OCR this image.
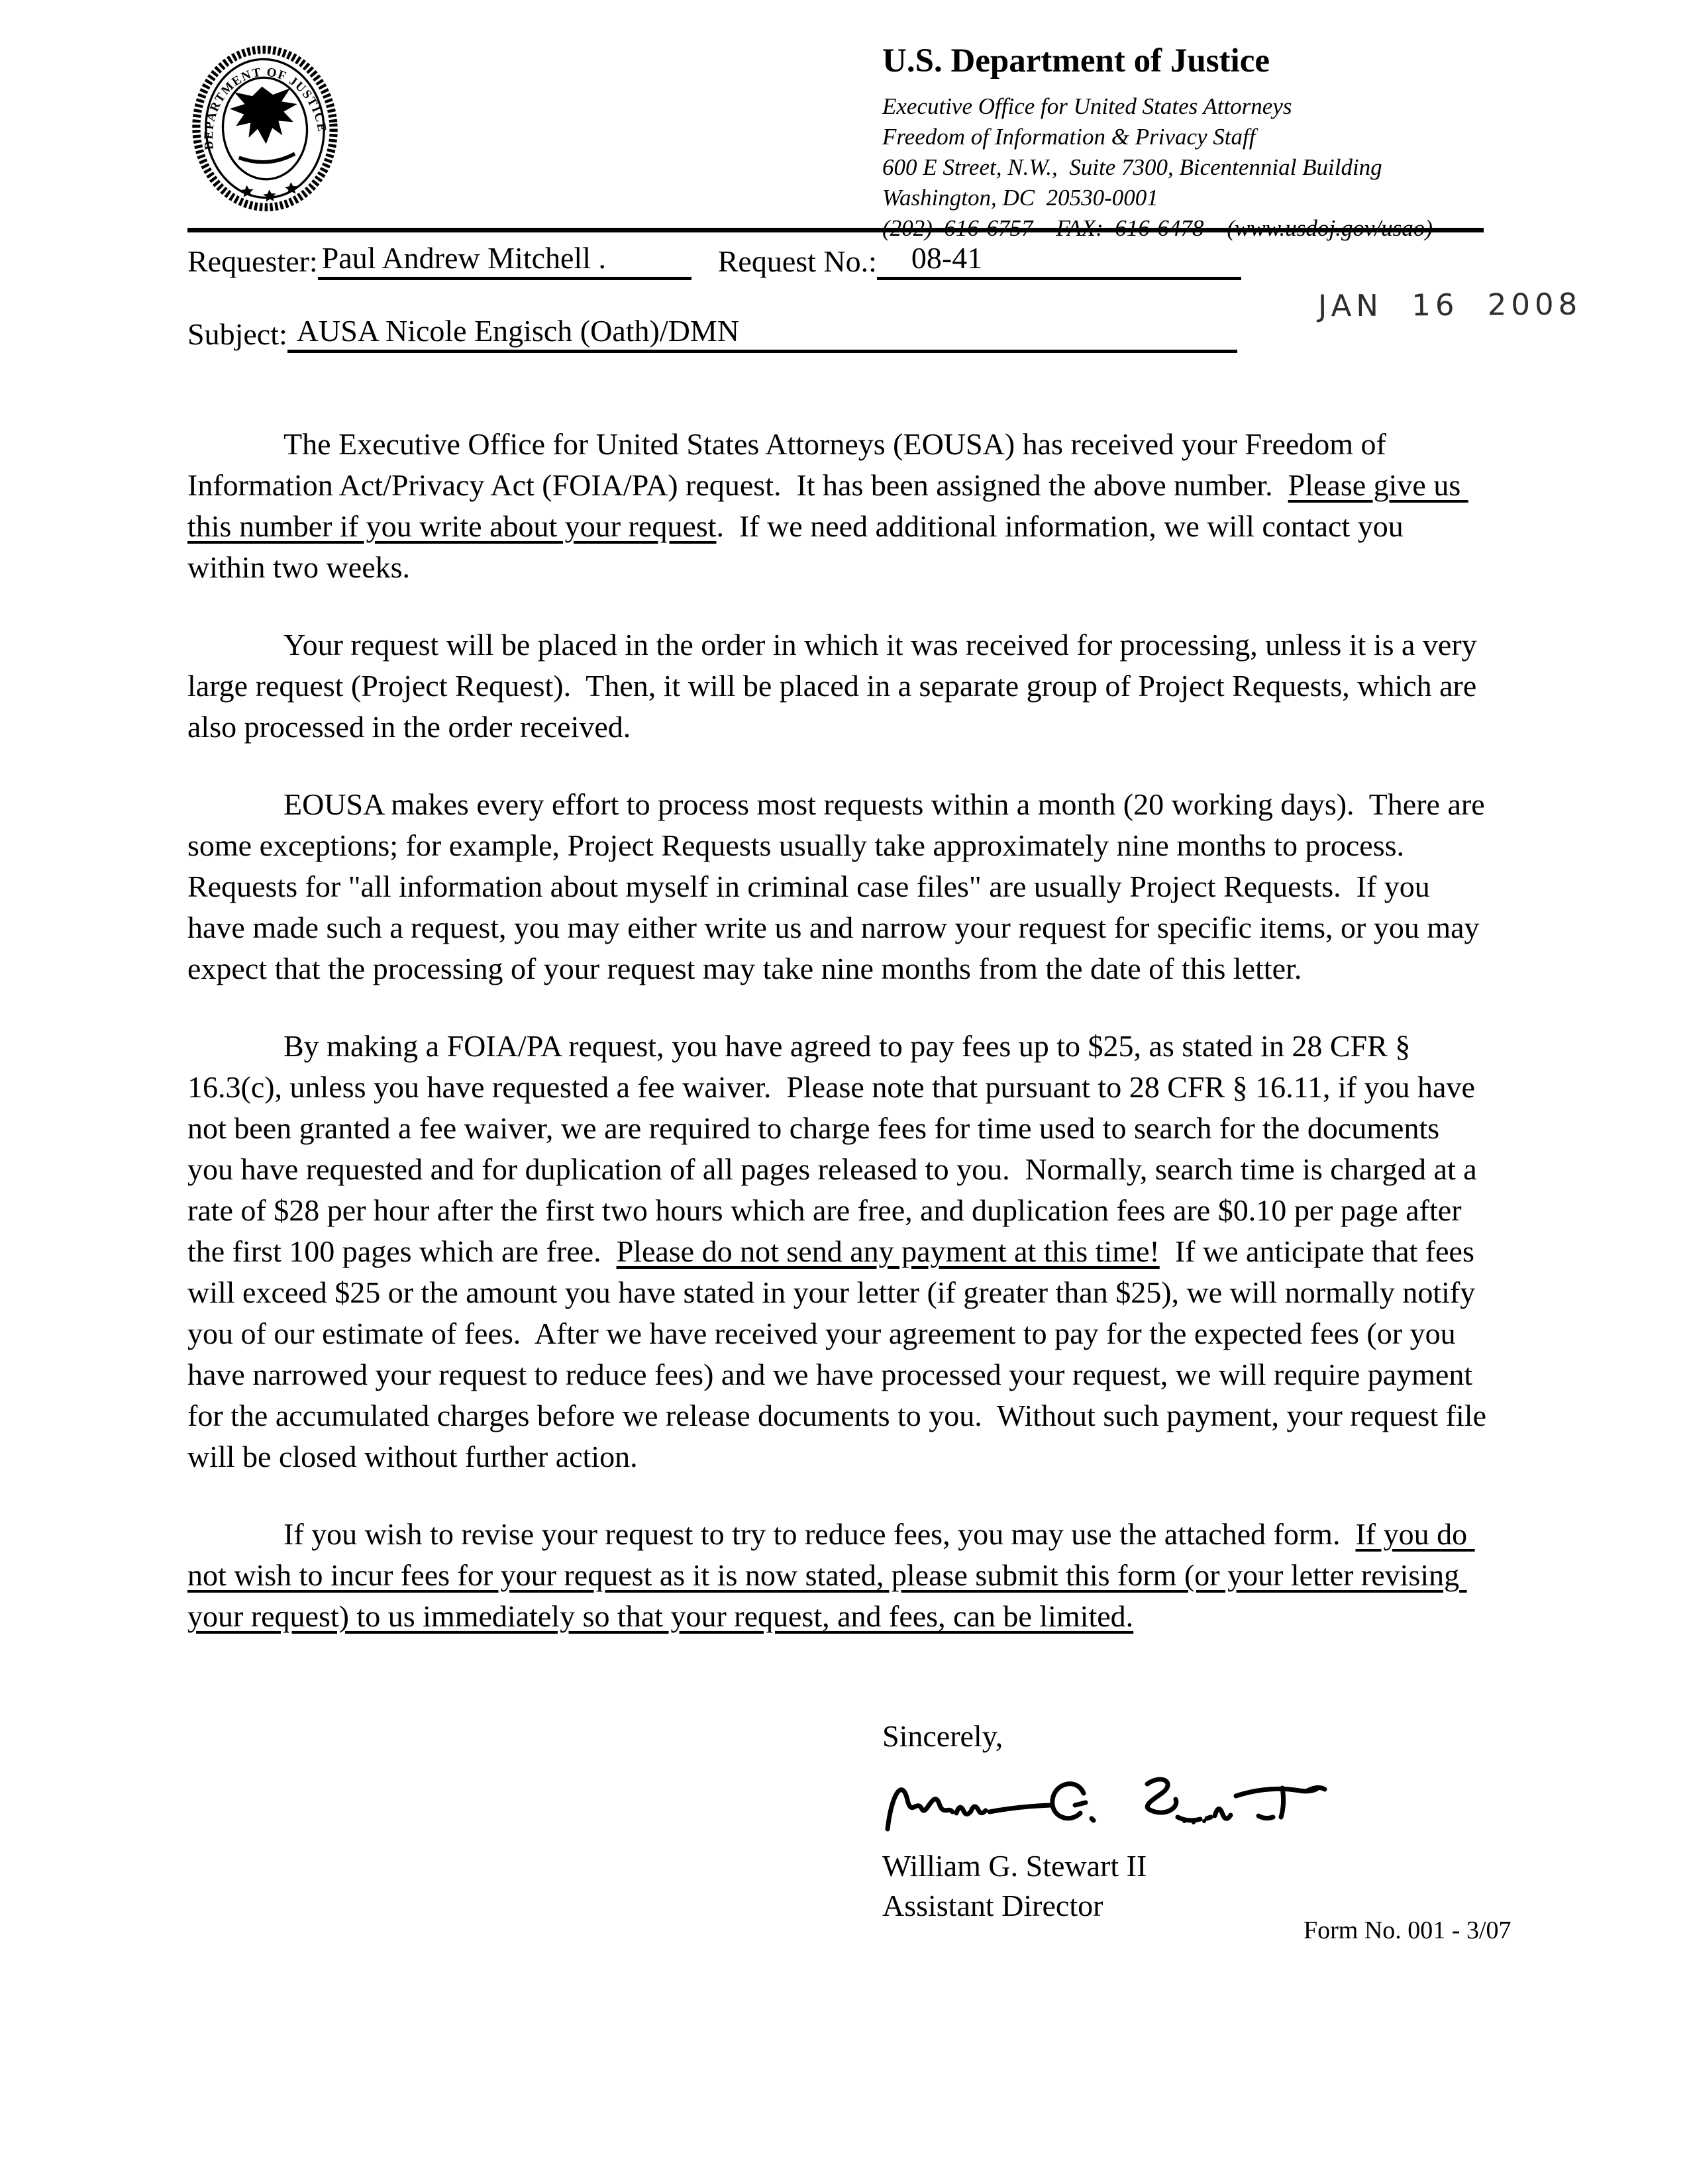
DEPARTMENT OF JUSTICE
U.S. Department of Justice
Executive Office for United States Attorneys
Freedom of Information & Privacy Staff
600 E Street, N.W.,  Suite 7300, Bicentennial Building
Washington, DC  20530-0001
Requester: Paul Andrew Mitchell .	Request No.: 08-41
Subject: AUSA Nicole Engisch (Oath)/DMN
JAN 16 2008

The Executive Office for United States Attorneys (EOUSA) has received your Freedom of Information Act/Privacy Act (FOIA/PA) request.  It has been assigned the above number.  Please give us this number if you write about your request.  If we need additional information, we will contact you within two weeks.

Your request will be placed in the order in which it was received for processing, unless it is a very large request (Project Request).  Then, it will be placed in a separate group of Project Requests, which are also processed in the order received.

EOUSA makes every effort to process most requests within a month (20 working days).  There are some exceptions; for example, Project Requests usually take approximately nine months to process.  Requests for "all information about myself in criminal case files" are usually Project Requests.  If you have made such a request, you may either write us and narrow your request for specific items, or you may expect that the processing of your request may take nine months from the date of this letter.

By making a FOIA/PA request, you have agreed to pay fees up to $25, as stated in 28 CFR § 16.3(c), unless you have requested a fee waiver.  Please note that pursuant to 28 CFR § 16.11, if you have not been granted a fee waiver, we are required to charge fees for time used to search for the documents you have requested and for duplication of all pages released to you.  Normally, search time is charged at a rate of $28 per hour after the first two hours which are free, and duplication fees are $0.10 per page after the first 100 pages which are free.  Please do not send any payment at this time!  If we anticipate that fees will exceed $25 or the amount you have stated in your letter (if greater than $25), we will normally notify you of our estimate of fees.  After we have received your agreement to pay for the expected fees (or you have narrowed your request to reduce fees) and we have processed your request, we will require payment for the accumulated charges before we release documents to you.  Without such payment, your request file will be closed without further action.

If you wish to revise your request to try to reduce fees, you may use the attached form.  If you do not wish to incur fees for your request as it is now stated, please submit this form (or your letter revising your request) to us immediately so that your request, and fees, can be limited.

Sincerely,
William G. Stewart II
Assistant Director
Form No. 001 - 3/07
